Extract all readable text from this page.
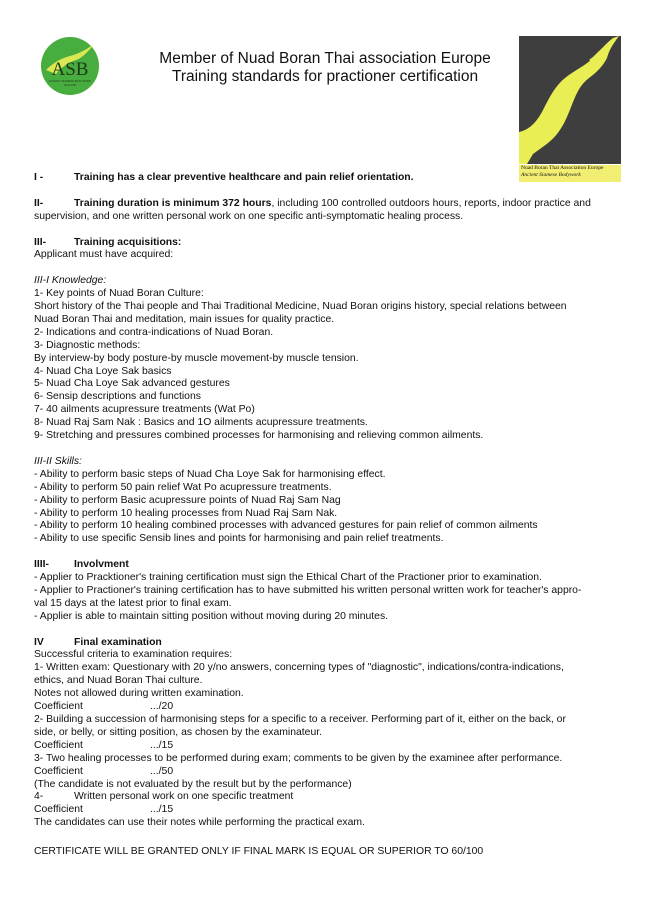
ASB
ANCIENT SIAMESE BODYWORK
THAILAND
Member of Nuad Boran Thai association Europe
Training standards for practioner certification
Nuad Boran Thai Association Europe
Ancient Siamese Bodywork

I -	Training has a clear preventive healthcare and pain relief orientation.

II-	Training duration is minimum 372 hours, including 100 controlled outdoors hours, reports, indoor practice and

supervision, and one written personal work on one specific anti-symptomatic healing process.

III-	Training acquisitions:

Applicant must have acquired:

III-I Knowledge:

1- Key points of Nuad Boran Culture:

Short history of the Thai people and Thai Traditional Medicine, Nuad Boran origins history, special relations between

Nuad Boran Thai and meditation, main issues for quality practice.

2- Indications and contra-indications of Nuad Boran.

3- Diagnostic methods:

By interview-by body posture-by muscle movement-by muscle tension.

4- Nuad Cha Loye Sak basics

5- Nuad Cha Loye Sak advanced gestures

6- Sensip descriptions and functions

7- 40 ailments acupressure treatments (Wat Po)

8- Nuad Raj Sam Nak : Basics and 1O ailments acupressure treatments.

9- Stretching and pressures combined processes for harmonising and relieving common ailments.

III-II Skills:

- Ability to perform basic steps of Nuad Cha Loye Sak for harmonising effect.

- Ability to perform 50 pain relief Wat Po acupressure treatments.

- Ability to perform Basic acupressure points of Nuad Raj Sam Nag

- Ability to perform 10 healing processes from Nuad Raj Sam Nak.

- Ability to perform 10 healing combined processes with advanced gestures for pain relief of common ailments

- Ability to use specific Sensib lines and points for harmonising and pain relief treatments.

IIII- Involvment

- Applier to Pracktioner's training certification must sign the Ethical Chart of the Practioner prior to examination.

- Applier to Practioner's training certification has to have submitted his written personal written work for teacher's appro-

val 15 days at the latest prior to final exam.

- Applier is able to maintain sitting position without moving during 20 minutes.

IV	Final examination

Successful criteria to examination requires:

1- Written exam: Questionary with 20 y/no answers, concerning types of "diagnostic", indications/contra-indications,

ethics, and Nuad Boran Thai culture.

Notes not allowed during written examination.

Coefficient	.../20

2- Building a succession of harmonising steps for a specific to a receiver. Performing part of it, either on the back, or

side, or belly, or sitting position, as chosen by the examinateur.

Coefficient	.../15

3- Two healing processes to be performed during exam; comments to be given by the examinee after performance.

Coefficient	.../50

(The candidate is not evaluated by the result but by the performance)

4-	Written personal work on one specific treatment

Coefficient	.../15

The candidates can use their notes while performing the practical exam.

CERTIFICATE WILL BE GRANTED ONLY IF FINAL MARK IS EQUAL OR SUPERIOR TO 60/100
